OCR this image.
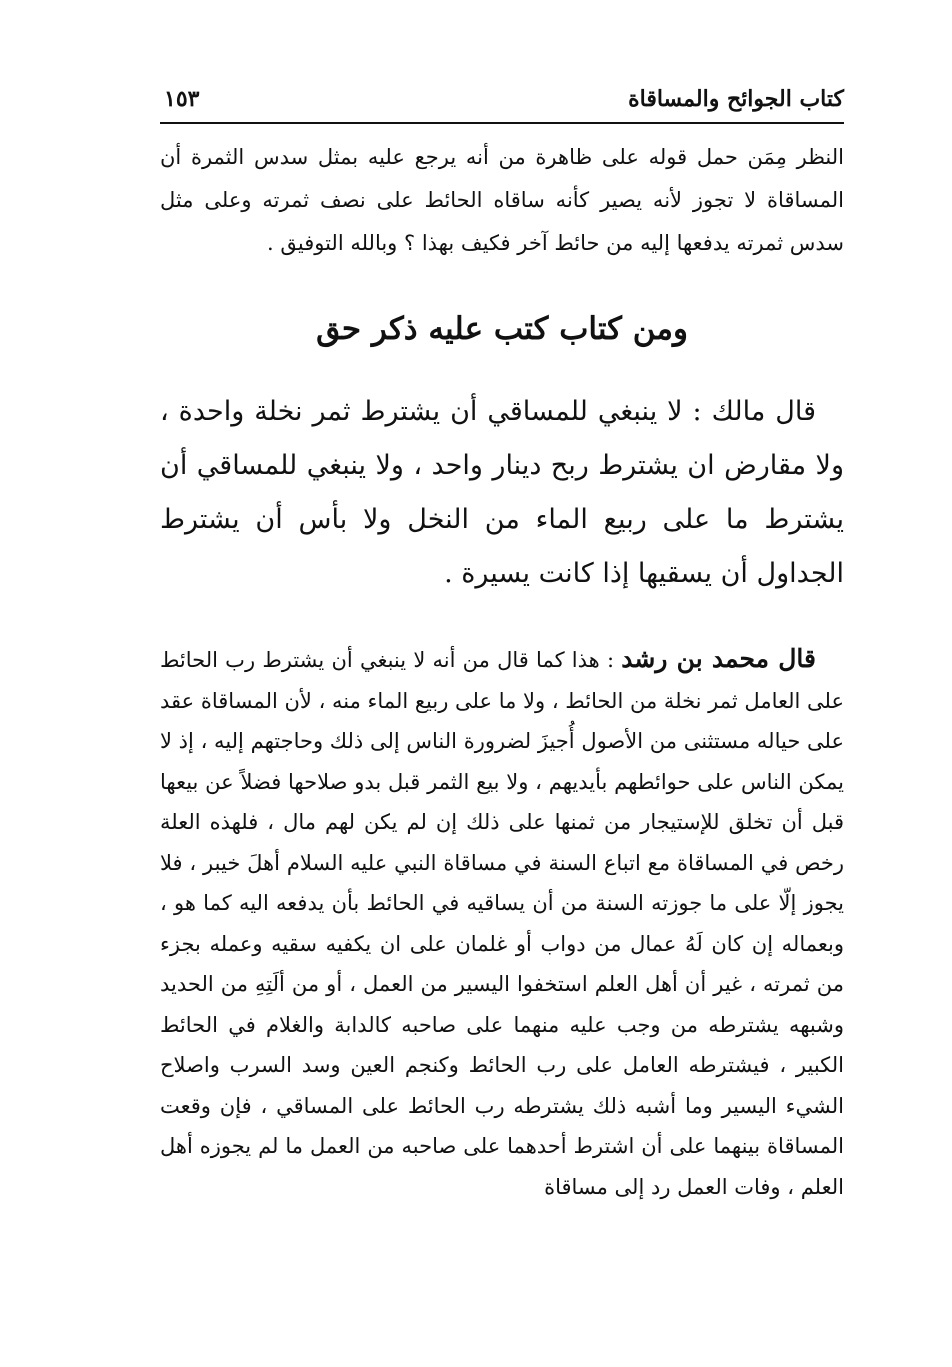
كتاب الجوائح والمساقاة
١٥٣

النظر مِمَن حمل قوله على ظاهرة من أنه يرجع عليه بمثل سدس الثمرة أن المساقاة لا تجوز لأنه يصير كأنه ساقاه الحائط على نصف ثمرته وعلى مثل سدس ثمرته يدفعها إليه من حائط آخر فكيف بهذا ؟ وبالله التوفيق .

ومن كتاب كتب عليه ذكر حق

قال مالك : لا ينبغي للمساقي أن يشترط ثمر نخلة واحدة ، ولا مقارض ان يشترط ربح دينار واحد ، ولا ينبغي للمساقي أن يشترط ما على ربيع الماء من النخل ولا بأس أن يشترط الجداول أن يسقيها إذا كانت يسيرة .

قال محمد بن رشد : هذا كما قال من أنه لا ينبغي أن يشترط رب الحائط على العامل ثمر نخلة من الحائط ، ولا ما على ربيع الماء منه ، لأن المساقاة عقد على حياله مستثنى من الأصول أُجيزَ لضرورة الناس إلى ذلك وحاجتهم إليه ، إذ لا يمكن الناس على حوائطهم بأيديهم ، ولا بيع الثمر قبل بدو صلاحها فضلاً عن بيعها قبل أن تخلق للإستيجار من ثمنها على ذلك إن لم يكن لهم مال ، فلهذه العلة رخص في المساقاة مع اتباع السنة في مساقاة النبي عليه السلام أهلَ خيبر ، فلا يجوز إلّا على ما جوزته السنة من أن يساقيه في الحائط بأن يدفعه اليه كما هو ، وبعماله إن كان لَهُ عمال من دواب أو غلمان على ان يكفيه سقيه وعمله بجزء من ثمرته ، غير أن أهل العلم استخفوا اليسير من العمل ، أو من ألَتِهِ من الحديد وشبهه يشترطه من وجب عليه منهما على صاحبه كالدابة والغلام في الحائط الكبير ، فيشترطه العامل على رب الحائط وكنجم العين وسد السرب واصلاح الشيء اليسير وما أشبه ذلك يشترطه رب الحائط على المساقي ، فإن وقعت المساقاة بينهما على أن اشترط أحدهما على صاحبه من العمل ما لم يجوزه أهل العلم ، وفات العمل رد إلى مساقاة
